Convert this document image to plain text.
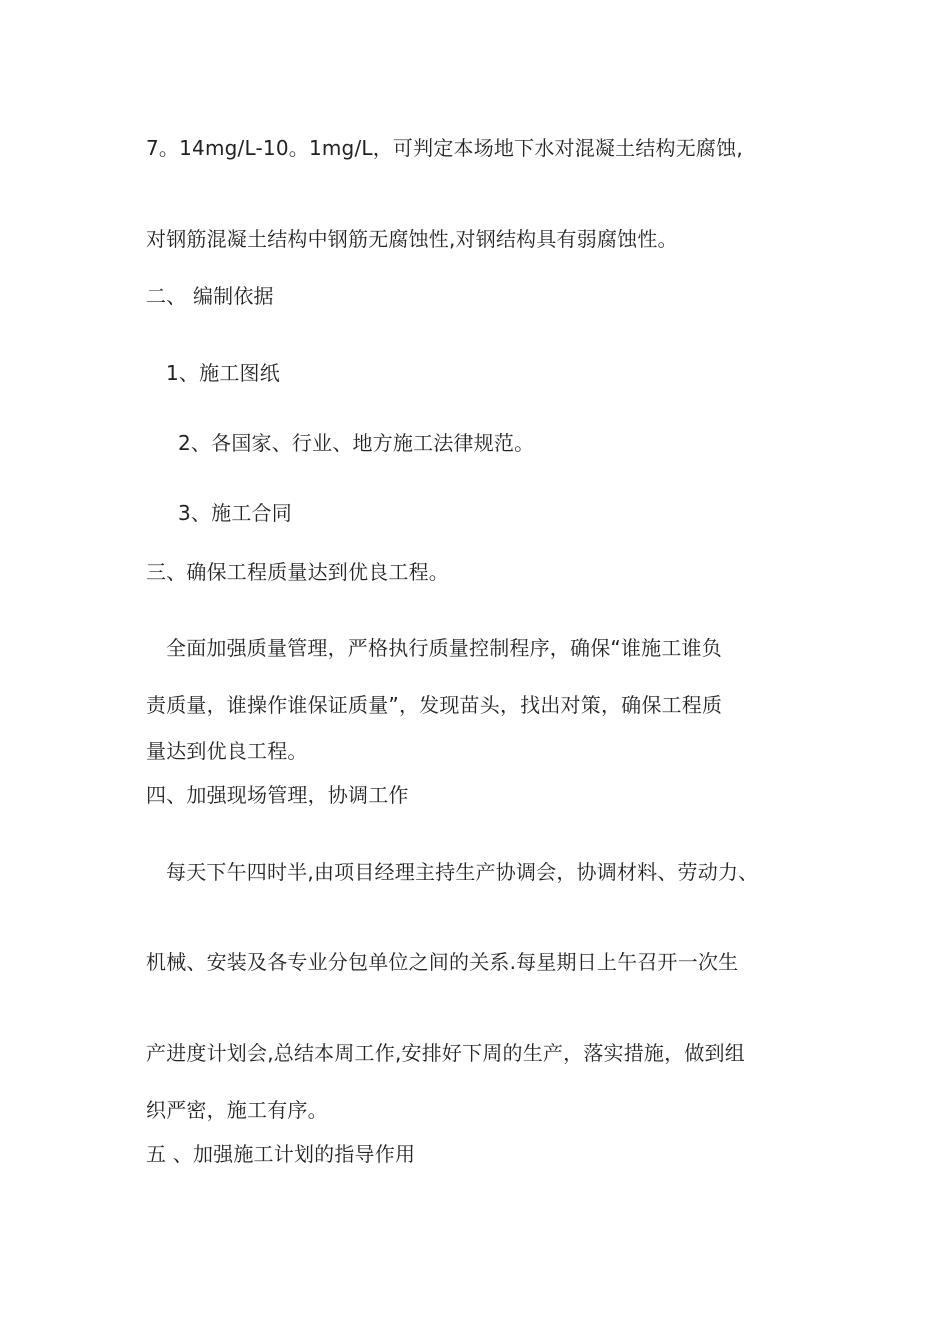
7。14mg/L-10。1mg/L，可判定本场地下水对混凝土结构无腐蚀,
对钢筋混凝土结构中钢筋无腐蚀性,对钢结构具有弱腐蚀性。
二、 编制依据
1、施工图纸
2、各国家、行业、地方施工法律规范。
3、施工合同
三、确保工程质量达到优良工程。
全面加强质量管理，严格执行质量控制程序，确保“谁施工谁负
责质量，谁操作谁保证质量”，发现苗头，找出对策，确保工程质
量达到优良工程。
四、加强现场管理，协调工作
每天下午四时半,由项目经理主持生产协调会，协调材料、劳动力、
机械、安装及各专业分包单位之间的关系.每星期日上午召开一次生
产进度计划会,总结本周工作,安排好下周的生产，落实措施，做到组
织严密，施工有序。
五 、加强施工计划的指导作用
